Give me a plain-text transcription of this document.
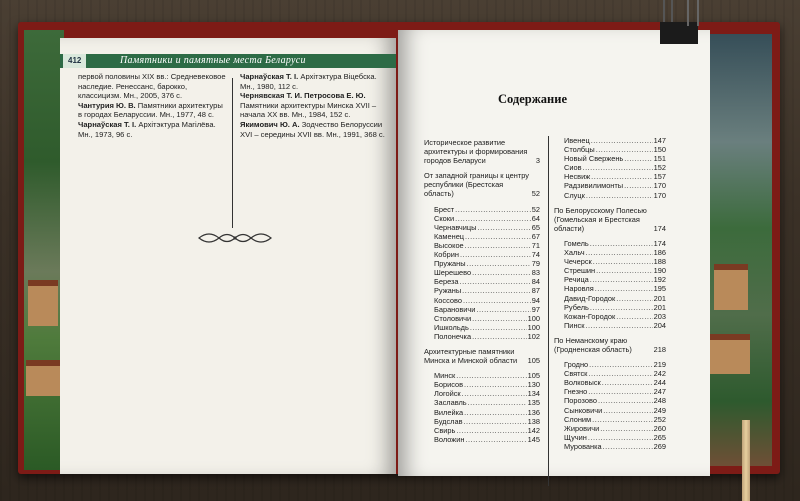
412	Памятники и памятные места Беларуси

первой половины XIX вв.: Средневековое наследие. Ренессанс, барокко, классицизм. Мн., 2005, 376 с.

Чантурия Ю. В. Памятники архитектуры в городах Беларуссии. Мн., 1977, 48 с.

Чарнаўская Т. І. Архітэктура Магілёва. Мн., 1973, 96 с.

Чарнаўская Т. І. Архітэктура Віцебска. Мн., 1980, 112 с.

Чернявская Т. И. Петросова Е. Ю. Памятники архитектуры Минска XVII – начала XX вв. Мн., 1984, 152 с.

Якимович Ю. А. Зодчество Белорусcии XVI – середины XVII вв. Мн., 1991, 368 с.

Содержание
Историческое развитие архитектуры и формирования городов Беларуси	3
От западной границы к центру республики (Брестская область)	52
Брест .....	52
Скоки .....	64
Чернавчицы .....	65
Каменец .....	67
Высокое .....	71
Кобрин .....	74
Пружаны .....	79
Шерешево .....	83
Береза .....	84
Ружаны .....	87
Коссово .....	94
Барановичи .....	97
Столовичи .....	100
Ишкольдь .....	100
Полонечка .....	102
Архитектурные памятники Минска и Минской области	105
Минск .....	105
Борисов .....	130
Логойск .....	134
Заславль .....	135
Вилейка .....	136
Будслав .....	138
Свирь .....	142
Воложин .....	145
Ивенец .....	147
Столбцы .....	150
Новый Свержень .....	151
Сиов .....	152
Несвиж .....	157
Радзивилимонты .....	170
Слуцк .....	170
По Белорусскому Полесью (Гомельская и Брестская области)	174
Гомель .....	174
Хальч .....	186
Чечерск .....	188
Стрешин .....	190
Речица .....	192
Наровля .....	195
Давид-Городок .....	201
Рубель .....	201
Кожан-Городок .....	203
Пинск .....	204
По Неманскому краю (Гродненская область)	218
Гродно .....	219
Святск .....	242
Волковыск .....	244
Гнезно .....	247
Порозово .....	248
Сынковичи .....	249
Слоним .....	252
Жировичи .....	260
Щучин .....	265
Мурованка .....	269
